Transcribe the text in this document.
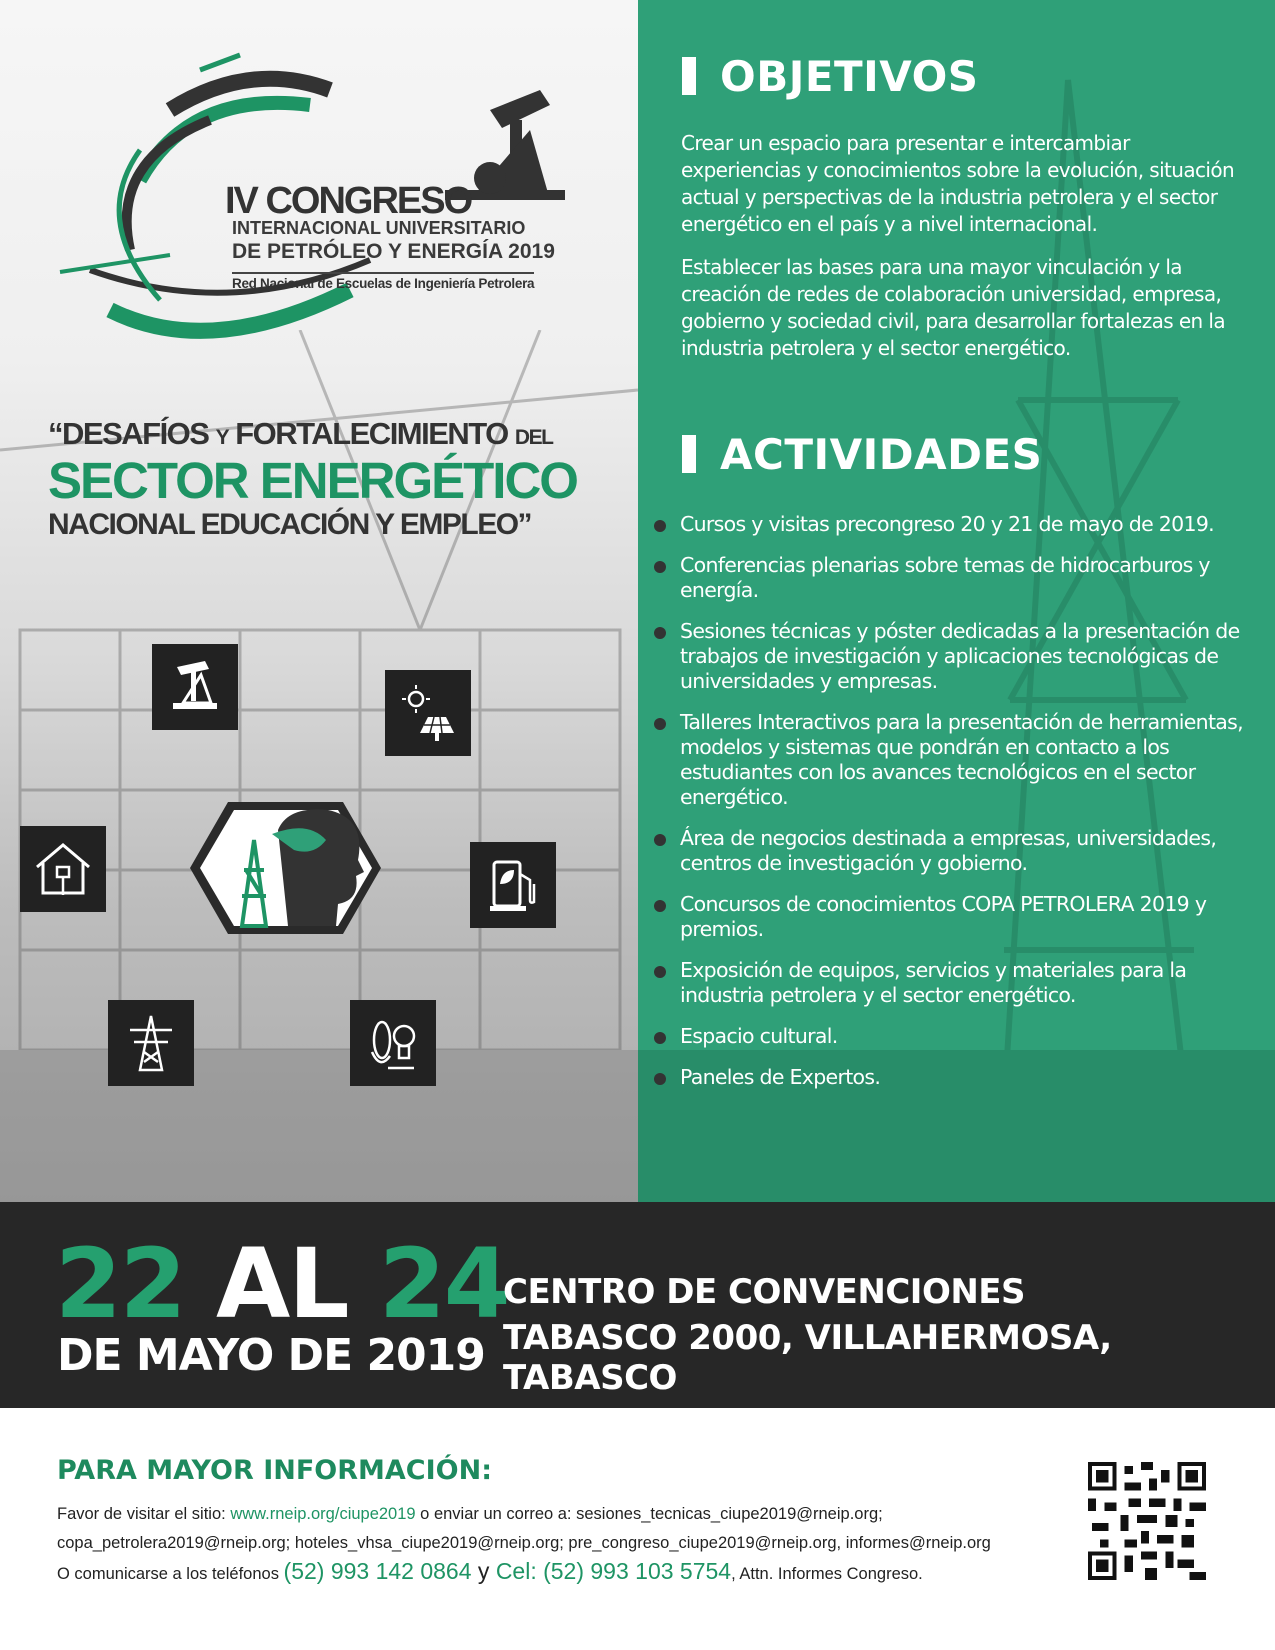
IV CONGRESO
INTERNACIONAL UNIVERSITARIO
DE PETRÓLEO Y ENERGÍA 2019
Red Nacional de Escuelas de Ingeniería Petrolera
“DESAFÍOS Y FORTALECIMIENTO DEL
SECTOR ENERGÉTICO
NACIONAL EDUCACIÓN Y EMPLEO”
OBJETIVOS

Crear un espacio para presentar e intercambiar experiencias y conocimientos sobre la evolución, situación actual y perspectivas de la industria petrolera y el sector energético en el país y a nivel internacional.

Establecer las bases para una mayor vinculación y la creación de redes de colaboración universidad, empresa, gobierno y sociedad civil, para desarrollar fortalezas en la industria petrolera y el sector energético.

ACTIVIDADES
Cursos y visitas precongreso 20 y 21 de mayo de 2019.
Conferencias plenarias sobre temas de hidrocarburos y energía.
Sesiones técnicas y póster dedicadas a la presentación de trabajos de investigación y aplicaciones tecnológicas de universidades y empresas.
Talleres Interactivos para la presentación de herramientas, modelos y sistemas que pondrán en contacto a los estudiantes con los avances tecnológicos en el sector energético.
Área de negocios destinada a empresas, universidades, centros de investigación y gobierno.
Concursos de conocimientos COPA PETROLERA 2019 y premios.
Exposición de equipos, servicios y materiales para la industria petrolera y el sector energético.
Espacio cultural.
Paneles de Expertos.
22 AL 24
DE MAYO DE 2019
CENTRO DE CONVENCIONES
TABASCO 2000, VILLAHERMOSA, TABASCO
PARA MAYOR INFORMACIÓN:
Favor de visitar el sitio: www.rneip.org/ciupe2019 o enviar un correo a: sesiones_tecnicas_ciupe2019@rneip.org;
copa_petrolera2019@rneip.org; hoteles_vhsa_ciupe2019@rneip.org; pre_congreso_ciupe2019@rneip.org, informes@rneip.org
O comunicarse a los teléfonos (52) 993 142 0864 y Cel: (52) 993 103 5754, Attn. Informes Congreso.
